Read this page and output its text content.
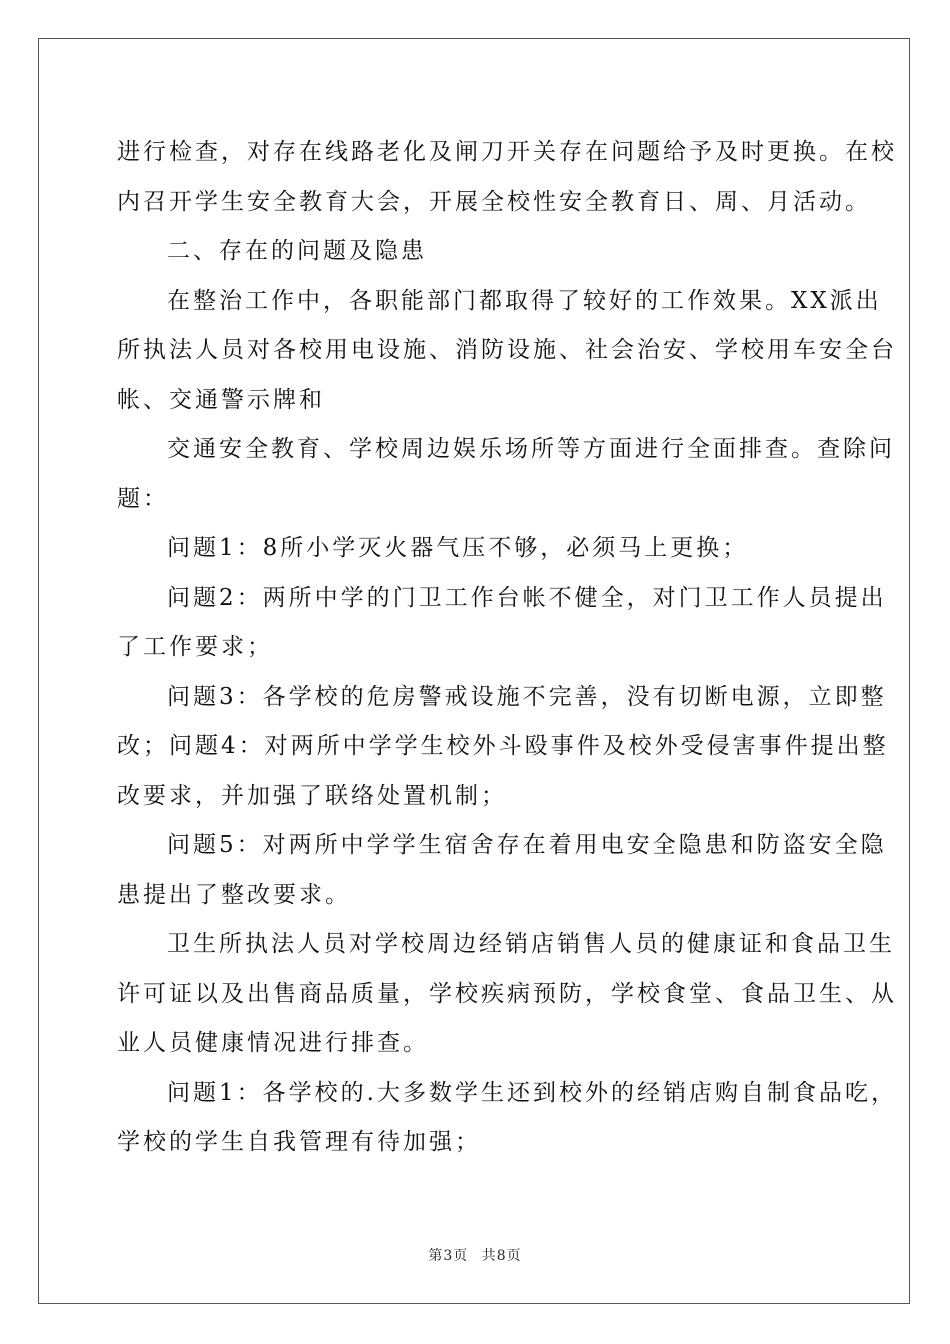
进行检查，对存在线路老化及闸刀开关存在问题给予及时更换。在校

内召开学生安全教育大会，开展全校性安全教育日、周、月活动。

二、存在的问题及隐患

在整治工作中，各职能部门都取得了较好的工作效果。XX派出

所执法人员对各校用电设施、消防设施、社会治安、学校用车安全台

帐、交通警示牌和

交通安全教育、学校周边娱乐场所等方面进行全面排查。查除问

题：

问题1：8所小学灭火器气压不够，必须马上更换；

问题2：两所中学的门卫工作台帐不健全，对门卫工作人员提出

了工作要求；

问题3：各学校的危房警戒设施不完善，没有切断电源，立即整

改；问题4：对两所中学学生校外斗殴事件及校外受侵害事件提出整

改要求，并加强了联络处置机制；

问题5：对两所中学学生宿舍存在着用电安全隐患和防盗安全隐

患提出了整改要求。

卫生所执法人员对学校周边经销店销售人员的健康证和食品卫生

许可证以及出售商品质量，学校疾病预防，学校食堂、食品卫生、从

业人员健康情况进行排查。

问题1：各学校的.大多数学生还到校外的经销店购自制食品吃，

学校的学生自我管理有待加强；

第3页 共8页
